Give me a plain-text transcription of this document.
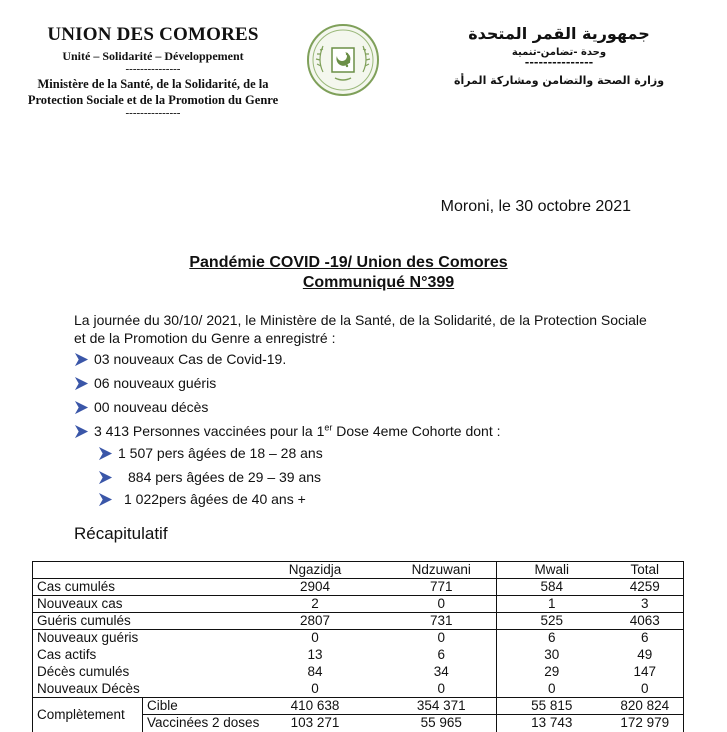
UNION DES COMORES
Unité – Solidarité – Développement
---------------
Ministère de la Santé, de la Solidarité, de la
Protection Sociale et de la Promotion du Genre
---------------
جمهورية القمر المتحدة
وحدة -تضامن-تنمية
---------------
وزارة الصحة والتضامن ومشاركة المرأة
Moroni, le 30 octobre 2021
Pandémie COVID -19/ Union des Comores
Communiqué N°399
La journée du 30/10/ 2021, le Ministère de la Santé, de la Solidarité, de la Protection Sociale et de la Promotion du Genre a enregistré :
03 nouveaux Cas de Covid-19.
06 nouveaux guéris
00 nouveau décès
3 413 Personnes vaccinées pour la 1er Dose 4eme Cohorte dont :
1 507 pers âgées de 18 – 28 ans
884 pers âgées de 29 – 39 ans
1 022pers âgées de 40 ans +
Récapitulatif
		Ngazidja	Ndzuwani	Mwali	Total
Cas cumulés		2904	771	584	4259
Nouveaux cas		2	0	1	3
Guéris cumulés		2807	731	525	4063
Nouveaux guéris		0	0	6	6
Cas actifs		13	6	30	49
Décès cumulés		84	34	29	147
Nouveaux Décès		0	0	0	0
Complètement	Cible	410 638	354 371	55 815	820 824
	Vaccinées 2 doses	103 271	55 965	13 743	172 979
